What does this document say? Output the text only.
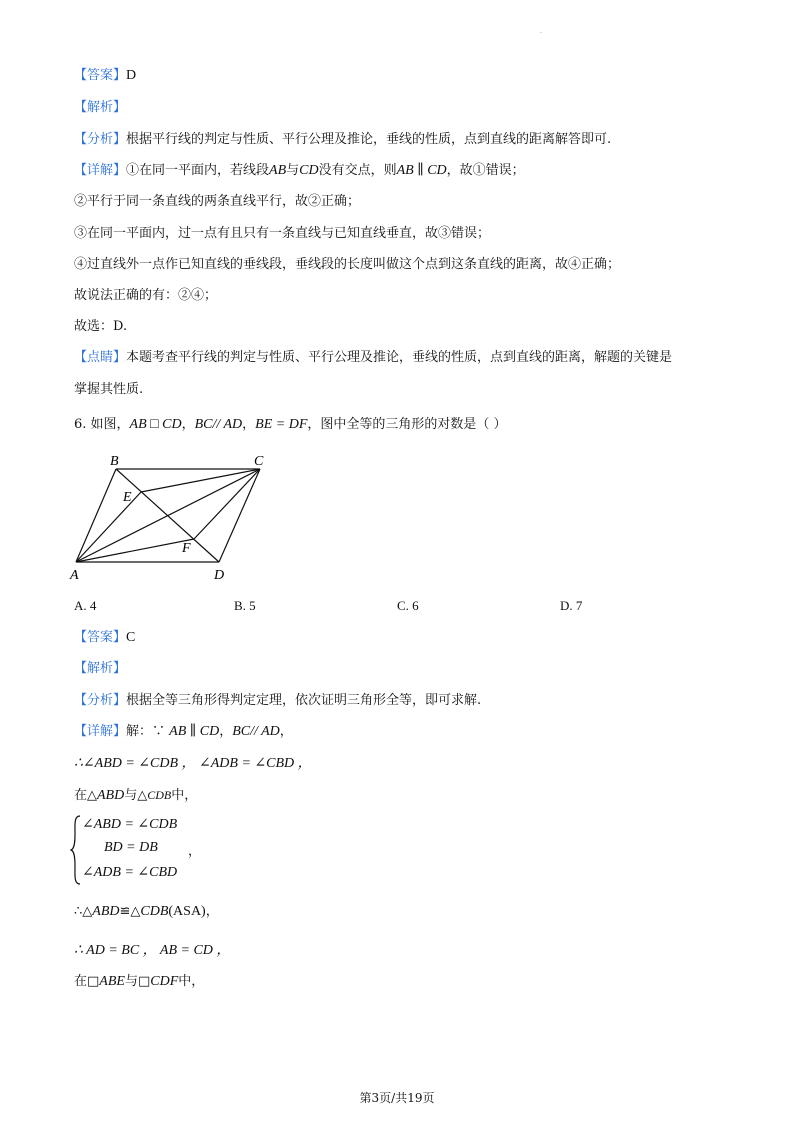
·
【答案】D
【解析】
【分析】根据平行线的判定与性质、平行公理及推论，垂线的性质，点到直线的距离解答即可.
【详解】①在同一平面内，若线段AB与CD没有交点，则AB ∥ CD，故①错误；
②平行于同一条直线的两条直线平行，故②正确；
③在同一平面内，过一点有且只有一条直线与已知直线垂直，故③错误；
④过直线外一点作已知直线的垂线段，垂线段的长度叫做这个点到这条直线的距离，故④正确；
故说法正确的有：②④；
故选：D.
【点睛】本题考查平行线的判定与性质、平行公理及推论，垂线的性质，点到直线的距离，解题的关键是
掌握其性质.
6. 如图，AB □ CD，BC// AD，BE = DF，图中全等的三角形的对数是（ ）
B	C
E
F
A	D
A. 4	B. 5	C. 6	D. 7
【答案】C
【解析】
【分析】根据全等三角形得判定定理，依次证明三角形全等，即可求解.
【详解】解：∵ AB ∥ CD，BC// AD，
∴∠ABD = ∠CDB ， ∠ADB = ∠CBD ，
在△ABD与△CDB中，
∠ABD = ∠CDB
BD = DB ，
∠ADB = ∠CBD
∴△ABD≌△CDB(ASA)，
∴ AD = BC ， AB = CD ，
在□ABE与□CDF中，
第3页/共19页
